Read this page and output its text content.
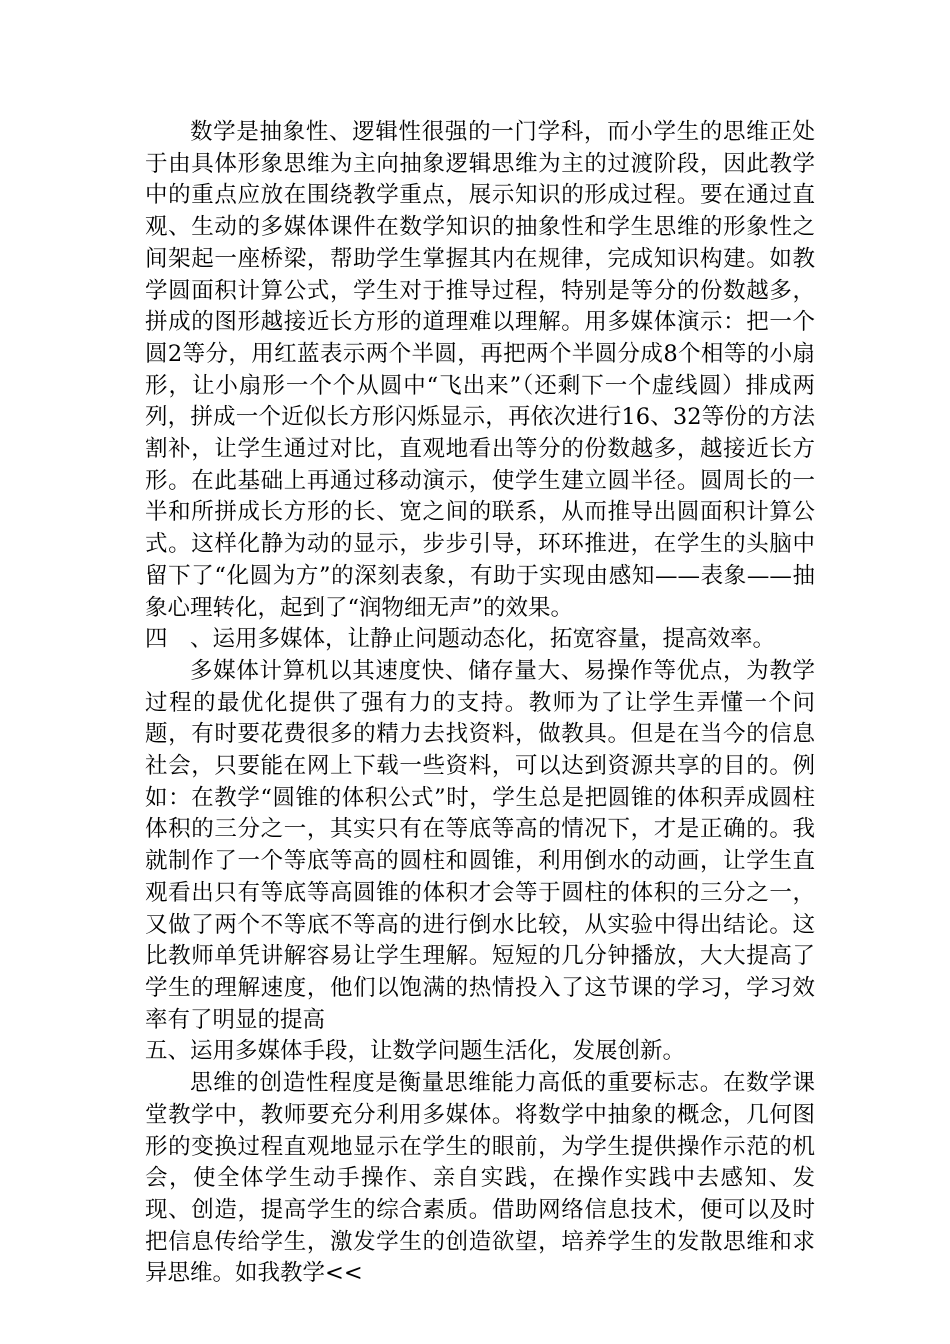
数学是抽象性、逻辑性很强的一门学科，而小学生的思维正处于由具体形象思维为主向抽象逻辑思维为主的过渡阶段，因此教学中的重点应放在围绕教学重点，展示知识的形成过程。要在通过直观、生动的多媒体课件在数学知识的抽象性和学生思维的形象性之间架起一座桥梁，帮助学生掌握其内在规律，完成知识构建。如教学圆面积计算公式，学生对于推导过程，特别是等分的份数越多，拼成的图形越接近长方形的道理难以理解。用多媒体演示：把一个圆2等分，用红蓝表示两个半圆，再把两个半圆分成8个相等的小扇形，让小扇形一个个从圆中“飞出来”（还剩下一个虚线圆）排成两列，拼成一个近似长方形闪烁显示，再依次进行16、32等份的方法割补，让学生通过对比，直观地看出等分的份数越多，越接近长方形。在此基础上再通过移动演示，使学生建立圆半径。圆周长的一半和所拼成长方形的长、宽之间的联系，从而推导出圆面积计算公式。这样化静为动的显示，步步引导，环环推进，在学生的头脑中留下了“化圆为方”的深刻表象，有助于实现由感知——表象——抽象心理转化，起到了“润物细无声”的效果。

四　、运用多媒体，让静止问题动态化，拓宽容量，提高效率。

多媒体计算机以其速度快、储存量大、易操作等优点，为教学过程的最优化提供了强有力的支持。教师为了让学生弄懂一个问题，有时要花费很多的精力去找资料，做教具。但是在当今的信息社会，只要能在网上下载一些资料，可以达到资源共享的目的。例如：在教学“圆锥的体积公式”时，学生总是把圆锥的体积弄成圆柱体积的三分之一，其实只有在等底等高的情况下，才是正确的。我就制作了一个等底等高的圆柱和圆锥，利用倒水的动画，让学生直观看出只有等底等高圆锥的体积才会等于圆柱的体积的三分之一，又做了两个不等底不等高的进行倒水比较，从实验中得出结论。这比教师单凭讲解容易让学生理解。短短的几分钟播放，大大提高了学生的理解速度，他们以饱满的热情投入了这节课的学习，学习效率有了明显的提高

五、运用多媒体手段，让数学问题生活化，发展创新。

思维的创造性程度是衡量思维能力高低的重要标志。在数学课堂教学中，教师要充分利用多媒体。将数学中抽象的概念，几何图形的变换过程直观地显示在学生的眼前，为学生提供操作示范的机会，使全体学生动手操作、亲自实践，在操作实践中去感知、发现、创造，提高学生的综合素质。借助网络信息技术，便可以及时把信息传给学生，激发学生的创造欲望，培养学生的发散思维和求异思维。如我教学<<
